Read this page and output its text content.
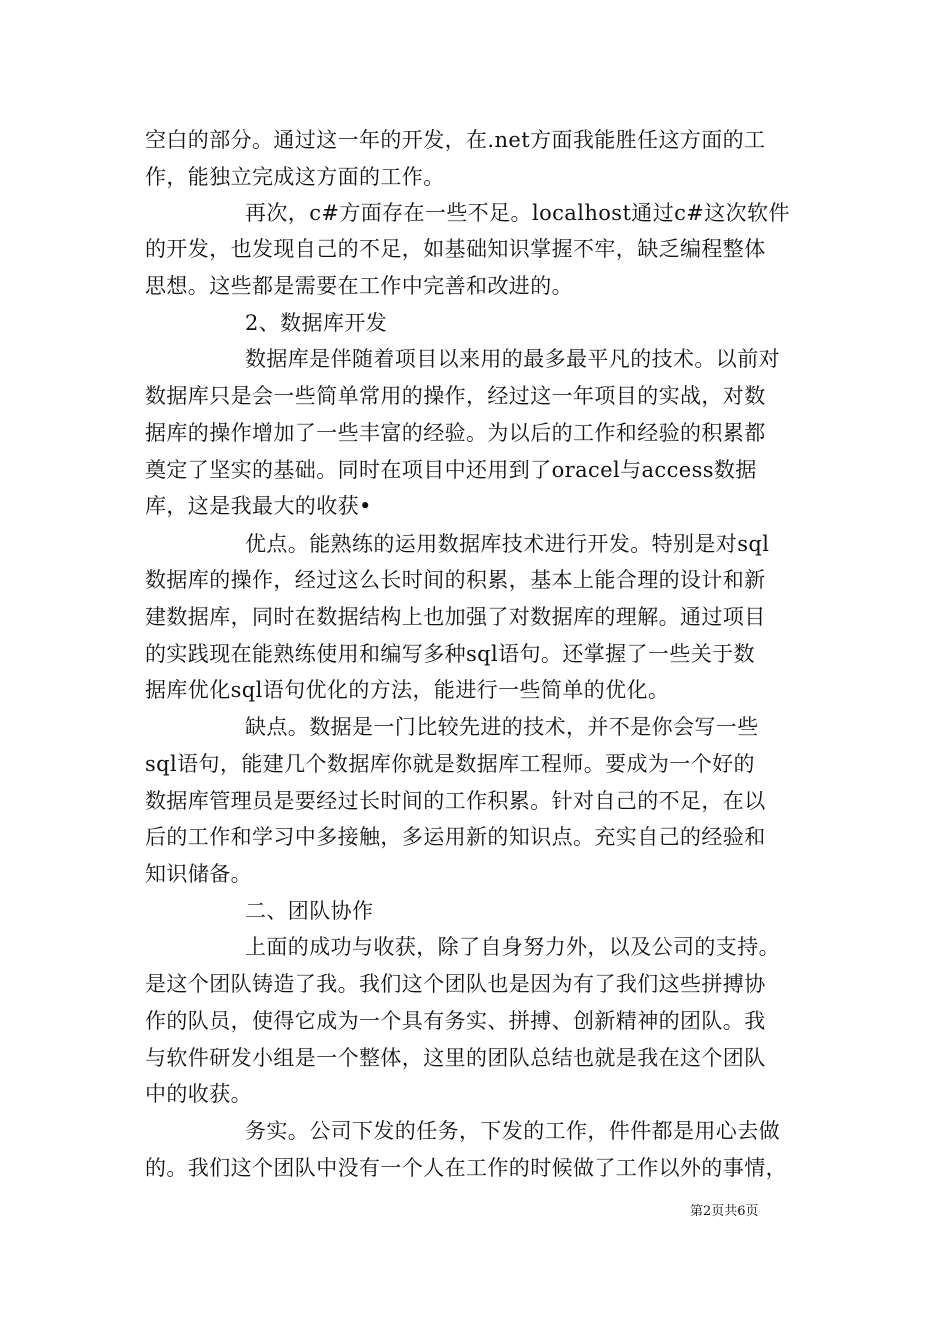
空白的部分。通过这一年的开发，在.net方面我能胜任这方面的工
作，能独立完成这方面的工作。
再次，c#方面存在一些不足。localhost通过c#这次软件
的开发，也发现自己的不足，如基础知识掌握不牢，缺乏编程整体
思想。这些都是需要在工作中完善和改进的。
2、数据库开发
数据库是伴随着项目以来用的最多最平凡的技术。以前对
数据库只是会一些简单常用的操作，经过这一年项目的实战，对数
据库的操作增加了一些丰富的经验。为以后的工作和经验的积累都
奠定了坚实的基础。同时在项目中还用到了oracel与access数据
库，这是我最大的收获•
优点。能熟练的运用数据库技术进行开发。特别是对sql
数据库的操作，经过这么长时间的积累，基本上能合理的设计和新
建数据库，同时在数据结构上也加强了对数据库的理解。通过项目
的实践现在能熟练使用和编写多种sql语句。还掌握了一些关于数
据库优化sql语句优化的方法，能进行一些简单的优化。
缺点。数据是一门比较先进的技术，并不是你会写一些
sql语句，能建几个数据库你就是数据库工程师。要成为一个好的
数据库管理员是要经过长时间的工作积累。针对自己的不足，在以
后的工作和学习中多接触，多运用新的知识点。充实自己的经验和
知识储备。
二、团队协作
上面的成功与收获，除了自身努力外，以及公司的支持。
是这个团队铸造了我。我们这个团队也是因为有了我们这些拼搏协
作的队员，使得它成为一个具有务实、拼搏、创新精神的团队。我
与软件研发小组是一个整体，这里的团队总结也就是我在这个团队
中的收获。
务实。公司下发的任务，下发的工作，件件都是用心去做
的。我们这个团队中没有一个人在工作的时候做了工作以外的事情，
第2页共6页
